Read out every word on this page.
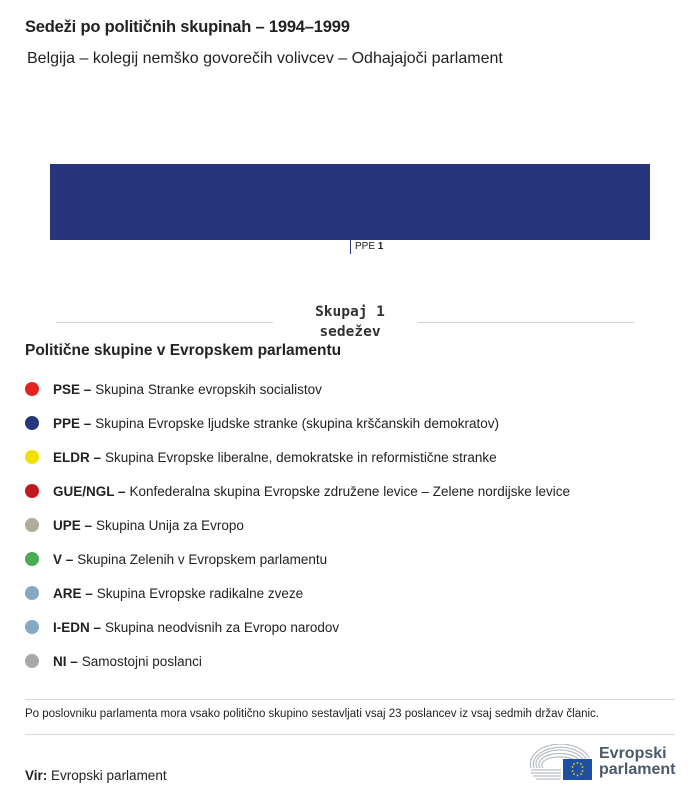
Sedeži po političnih skupinah – 1994–1999
Belgija – kolegij nemško govorečih volivcev – Odhajajoči parlament
PPE 1
Skupaj 1
sedežev
Politične skupine v Evropskem parlamentu
PSE – Skupina Stranke evropskih socialistov
PPE – Skupina Evropske ljudske stranke (skupina krščanskih demokratov)
ELDR – Skupina Evropske liberalne, demokratske in reformistične stranke
GUE/NGL – Konfederalna skupina Evropske združene levice – Zelene nordijske levice
UPE – Skupina Unija za Evropo
V – Skupina Zelenih v Evropskem parlamentu
ARE – Skupina Evropske radikalne zveze
I-EDN – Skupina neodvisnih za Evropo narodov
NI – Samostojni poslanci
Po poslovniku parlamenta mora vsako politično skupino sestavljati vsaj 23 poslancev iz vsaj sedmih držav članic.
Vir: Evropski parlament
Evropski
parlament
